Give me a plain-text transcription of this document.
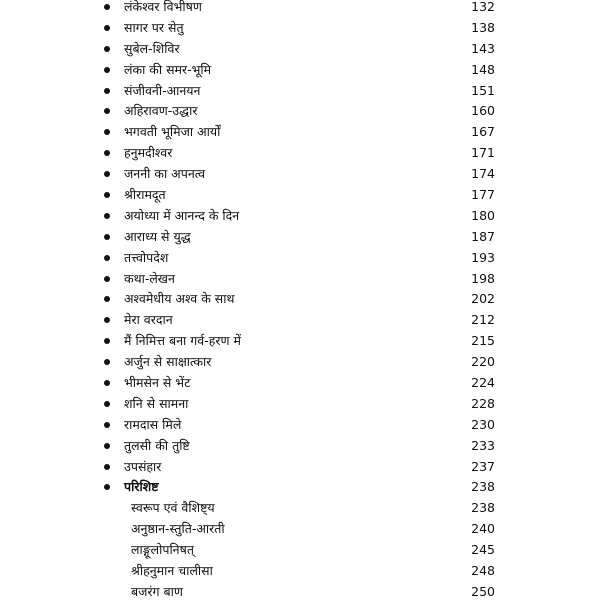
लंकेश्वर विभीषण	132
सागर पर सेतु	138
सुबेल-शिविर	143
लंका की समर-भूमि	148
संजीवनी-आनयन	151
अहिरावण-उद्धार	160
भगवती भूमिजा आर्यों	167
हनुमदीश्वर	171
जननी का अपनत्व	174
श्रीरामदूत	177
अयोध्या में आनन्द के दिन	180
आराध्य से युद्ध	187
तत्त्वोपदेश	193
कथा-लेखन	198
अश्वमेधीय अश्व के साथ	202
मेरा वरदान	212
मैं निमित्त बना गर्व-हरण में	215
अर्जुन से साक्षात्कार	220
भीमसेन से भेंट	224
शनि से सामना	228
रामदास मिले	230
तुलसी की तुष्टि	233
उपसंहार	237
परिशिष्ट	238
स्वरूप एवं वैशिष्ट्य	238
अनुष्ठान-स्तुति-आरती	240
लाङ्गूलोपनिषत्	245
श्रीहनुमान चालीसा	248
बजरंग बाण	250
